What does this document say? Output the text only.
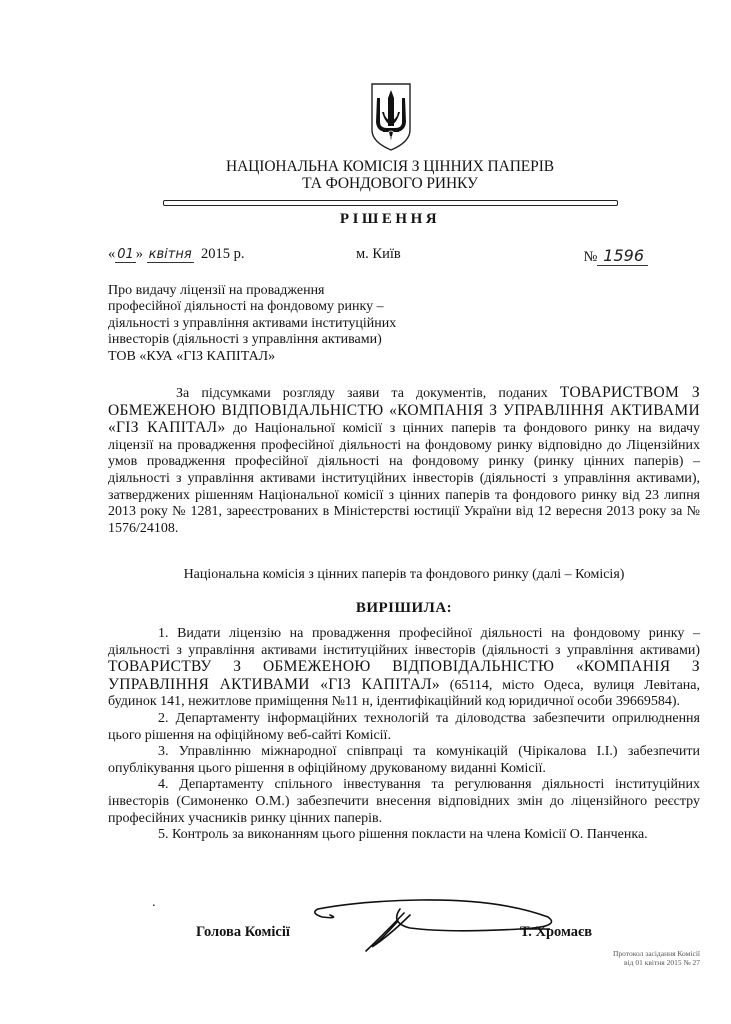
НАЦІОНАЛЬНА КОМІСІЯ З ЦІННИХ ПАПЕРІВ
ТА ФОНДОВОГО РИНКУ
РІШЕННЯ
« 01 » квітня 2015 р.	м. Київ	№ 1596
Про видачу ліцензії на провадження
професійної діяльності на фондовому ринку –
діяльності з управління активами інституційних
інвесторів (діяльності з управління активами)
ТОВ «КУА «ГІЗ КАПІТАЛ»
За підсумками розгляду заяви та документів, поданих ТОВАРИСТВОМ З ОБМЕЖЕНОЮ ВІДПОВІДАЛЬНІСТЮ «КОМПАНІЯ З УПРАВЛІННЯ АКТИВАМИ «ГІЗ КАПІТАЛ» до Національної комісії з цінних паперів та фондового ринку на видачу ліцензії на провадження професійної діяльності на фондовому ринку відповідно до Ліцензійних умов провадження професійної діяльності на фондовому ринку (ринку цінних паперів) – діяльності з управління активами інституційних інвесторів (діяльності з управління активами), затверджених рішенням Національної комісії з цінних паперів та фондового ринку від 23 липня 2013 року № 1281, зареєстрованих в Міністерстві юстиції України від 12 вересня 2013 року за № 1576/24108.
Національна комісія з цінних паперів та фондового ринку (далі – Комісія)
ВИРІШИЛА:

1. Видати ліцензію на провадження професійної діяльності на фондовому ринку – діяльності з управління активами інституційних інвесторів (діяльності з управління активами) ТОВАРИСТВУ З ОБМЕЖЕНОЮ ВІДПОВІДАЛЬНІСТЮ «КОМПАНІЯ З УПРАВЛІННЯ АКТИВАМИ «ГІЗ КАПІТАЛ» (65114, місто Одеса, вулиця Левітана, будинок 141, нежитлове приміщення №11 н, ідентифікаційний код юридичної особи 39669584).

2. Департаменту інформаційних технологій та діловодства забезпечити оприлюднення цього рішення на офіційному веб-сайті Комісії.

3. Управлінню міжнародної співпраці та комунікацій (Чірікалова І.І.) забезпечити опублікування цього рішення в офіційному друкованому виданні Комісії.

4. Департаменту спільного інвестування та регулювання діяльності інституційних інвесторів (Симоненко О.М.) забезпечити внесення відповідних змін до ліцензійного реєстру професійних учасників ринку цінних паперів.

5. Контроль за виконанням цього рішення покласти на члена Комісії О. Панченка.

.
Голова Комісії	Т. Хромаєв
Протокол засідання Комісії
від 01 квітня 2015 № 27
